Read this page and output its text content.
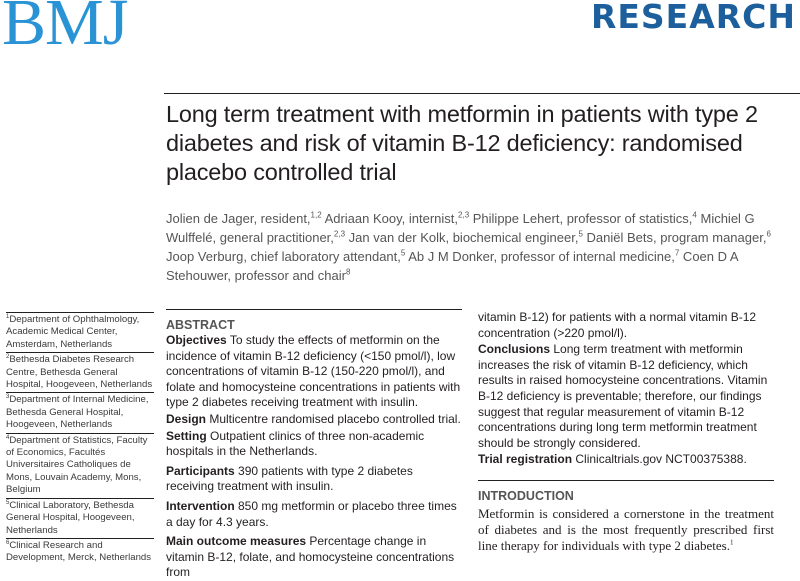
BMJ	RESEARCH
Long term treatment with metformin in patients with type 2 diabetes and risk of vitamin B-12 deficiency: randomised placebo controlled trial
Jolien de Jager, resident,$^{1,2}$ Adriaan Kooy, internist,$^{2,3}$ Philippe Lehert, professor of statistics,$^4$ Michiel G Wulffelé, general practitioner,$^{2,3}$ Jan van der Kolk, biochemical engineer,$^5$ Daniël Bets, program manager,$^6$ Joop Verburg, chief laboratory attendant,$^5$ Ab J M Donker, professor of internal medicine,$^7$ Coen D A Stehouwer, professor and chair$^8$
$^1$Department of Ophthalmology, Academic Medical Center, Amsterdam, Netherlands
$^2$Bethesda Diabetes Research Centre, Bethesda General Hospital, Hoogeveen, Netherlands
$^3$Department of Internal Medicine, Bethesda General Hospital, Hoogeveen, Netherlands
$^4$Department of Statistics, Faculty of Economics, Facultés Universitaires Catholiques de Mons, Louvain Academy, Mons, Belgium
$^5$Clinical Laboratory, Bethesda General Hospital, Hoogeveen, Netherlands
$^6$Clinical Research and Development, Merck, Netherlands
ABSTRACT
Objectives To study the effects of metformin on the incidence of vitamin B-12 deficiency (<150 pmol/l), low concentrations of vitamin B-12 (150-220 pmol/l), and folate and homocysteine concentrations in patients with type 2 diabetes receiving treatment with insulin.
Design Multicentre randomised placebo controlled trial.
Setting Outpatient clinics of three non-academic hospitals in the Netherlands.
Participants 390 patients with type 2 diabetes receiving treatment with insulin.
Intervention 850 mg metformin or placebo three times a day for 4.3 years.
Main outcome measures Percentage change in vitamin B-12, folate, and homocysteine concentrations from
vitamin B-12) for patients with a normal vitamin B-12 concentration (>220 pmol/l).
Conclusions Long term treatment with metformin increases the risk of vitamin B-12 deficiency, which results in raised homocysteine concentrations. Vitamin B-12 deficiency is preventable; therefore, our findings suggest that regular measurement of vitamin B-12 concentrations during long term metformin treatment should be strongly considered.
Trial registration Clinicaltrials.gov NCT00375388.
INTRODUCTION
Metformin is considered a cornerstone in the treatment of diabetes and is the most frequently prescribed first line therapy for individuals with type 2 diabetes.$^1$
